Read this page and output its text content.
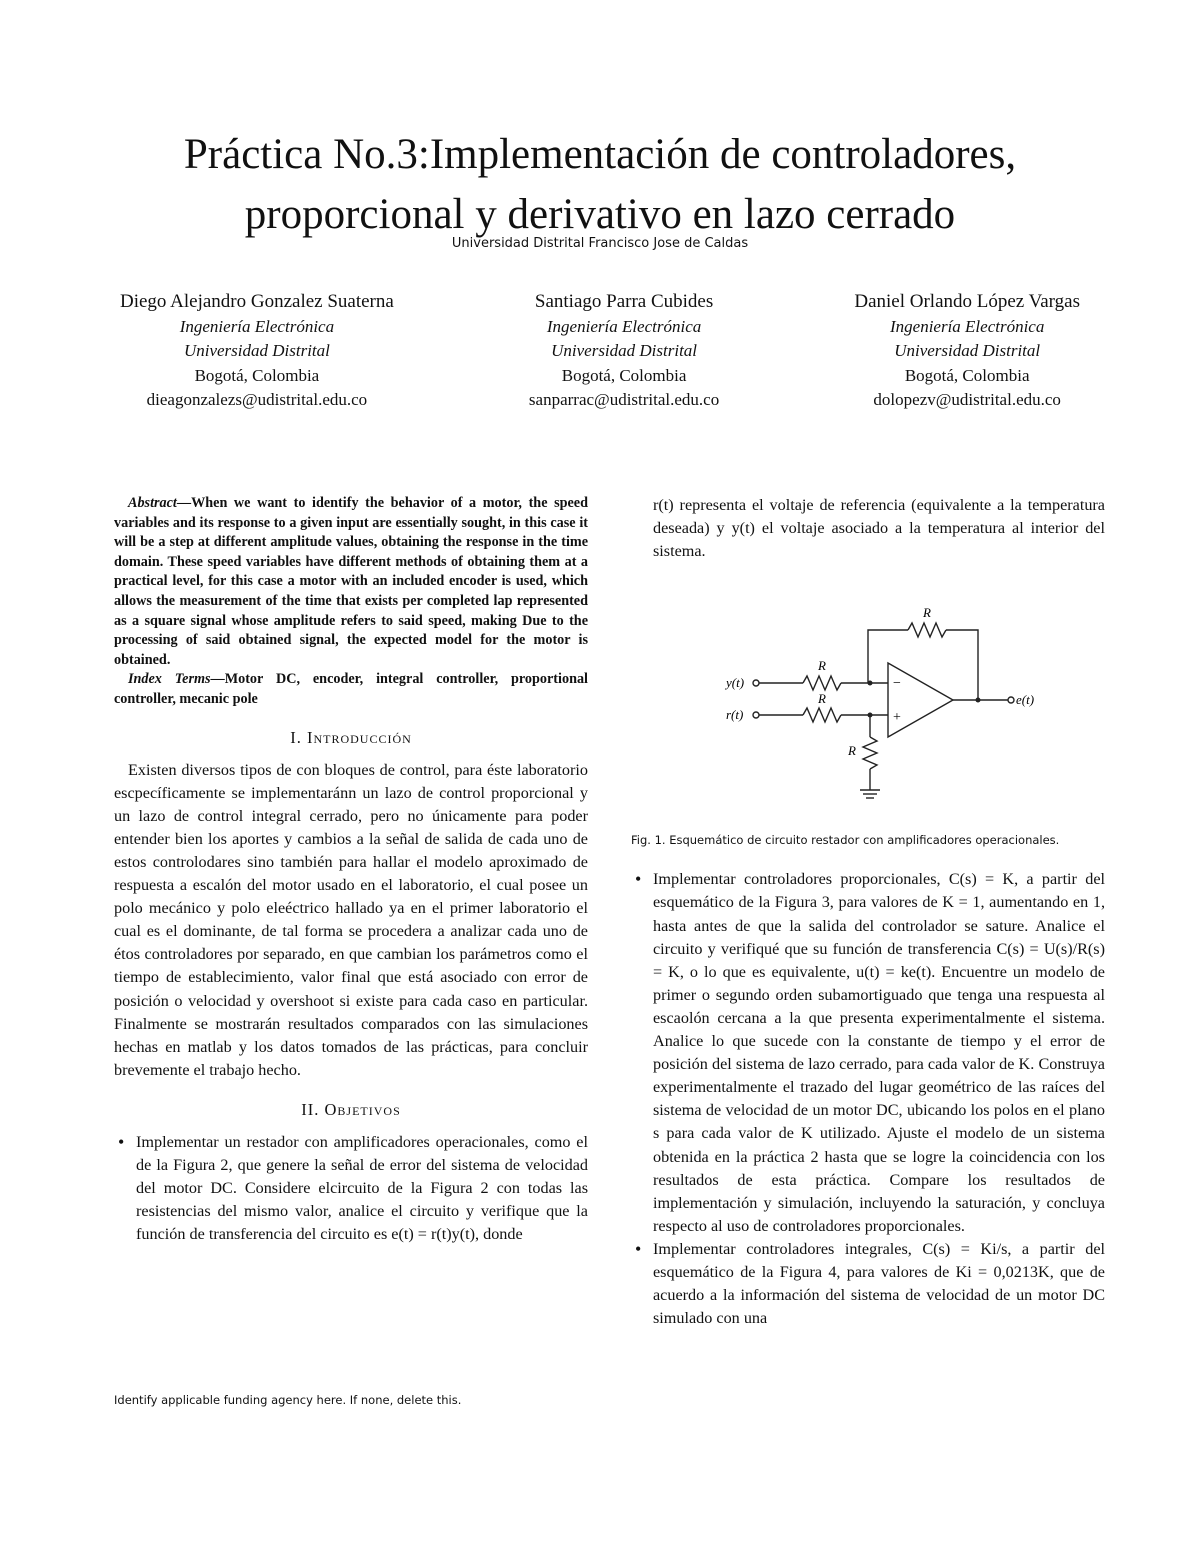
Práctica No.3:Implementación de controladores,
proporcional y derivativo en lazo cerrado
Universidad Distrital Francisco Jose de Caldas
Diego Alejandro Gonzalez Suaterna
Ingeniería Electrónica
Universidad Distrital
Bogotá, Colombia
dieagonzalezs@udistrital.edu.co
Santiago Parra Cubides
Ingeniería Electrónica
Universidad Distrital
Bogotá, Colombia
sanparrac@udistrital.edu.co
Daniel Orlando López Vargas
Ingeniería Electrónica
Universidad Distrital
Bogotá, Colombia
dolopezv@udistrital.edu.co

Abstract—When we want to identify the behavior of a motor, the speed variables and its response to a given input are essentially sought, in this case it will be a step at different amplitude values, obtaining the response in the time domain. These speed variables have different methods of obtaining them at a practical level, for this case a motor with an included encoder is used, which allows the measurement of the time that exists per completed lap represented as a square signal whose amplitude refers to said speed, making Due to the processing of said obtained signal, the expected model for the motor is obtained.

Index Terms—Motor DC, encoder, integral controller, proportional controller, mecanic pole

I. Introducción

Existen diversos tipos de con bloques de control, para éste laboratorio escpecíficamente se implementaránn un lazo de control proporcional y un lazo de control integral cerrado, pero no únicamente para poder entender bien los aportes y cambios a la señal de salida de cada uno de estos controlodares sino también para hallar el modelo aproximado de respuesta a escalón del motor usado en el laboratorio, el cual posee un polo mecánico y polo eleéctrico hallado ya en el primer laboratorio el cual es el dominante, de tal forma se procedera a analizar cada uno de étos controladores por separado, en que cambian los parámetros como el tiempo de establecimiento, valor final que está asociado con error de posición o velocidad y overshoot si existe para cada caso en particular. Finalmente se mostrarán resultados comparados con las simulaciones hechas en matlab y los datos tomados de las prácticas, para concluir brevemente el trabajo hecho.

II. Objetivos
• Implementar un restador con amplificadores operacionales, como el de la Figura 2, que genere la señal de error del sistema de velocidad del motor DC. Considere elcircuito de la Figura 2 con todas las resistencias del mismo valor, analice el circuito y verifique que la función de transferencia del circuito es e(t) = r(t)y(t), donde

r(t) representa el voltaje de referencia (equivalente a la temperatura deseada) y y(t) el voltaje asociado a la temperatura al interior del sistema.

R
R
R
R
y(t)
r(t)
e(t)
−
+
Fig. 1. Esquemático de circuito restador con amplificadores operacionales.
• Implementar controladores proporcionales, C(s) = K, a partir del esquemático de la Figura 3, para valores de K = 1, aumentando en 1, hasta antes de que la salida del controlador se sature. Analice el circuito y verifiqué que su función de transferencia C(s) = U(s)/R(s) = K, o lo que es equivalente, u(t) = ke(t). Encuentre un modelo de primer o segundo orden subamortiguado que tenga una respuesta al escaolón cercana a la que presenta experimentalmente el sistema. Analice lo que sucede con la constante de tiempo y el error de posición del sistema de lazo cerrado, para cada valor de K. Construya experimentalmente el trazado del lugar geométrico de las raíces del sistema de velocidad de un motor DC, ubicando los polos en el plano s para cada valor de K utilizado. Ajuste el modelo de un sistema obtenida en la práctica 2 hasta que se logre la coincidencia con los resultados de esta práctica. Compare los resultados de implementación y simulación, incluyendo la saturación, y concluya respecto al uso de controladores proporcionales.
• Implementar controladores integrales, C(s) = Ki/s, a partir del esquemático de la Figura 4, para valores de Ki = 0,0213K, que de acuerdo a la información del sistema de velocidad de un motor DC simulado con una
Identify applicable funding agency here. If none, delete this.
